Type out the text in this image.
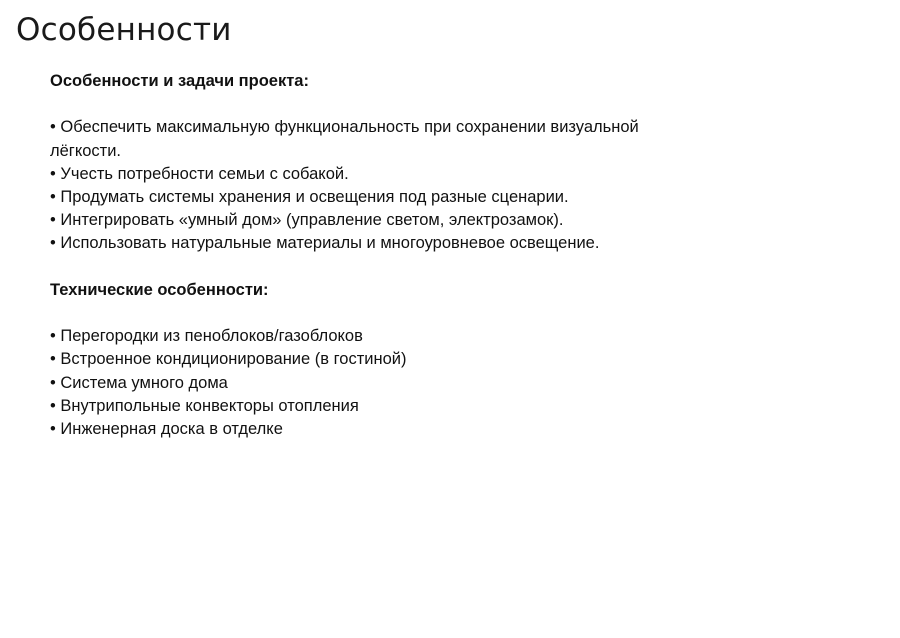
Особенности
Особенности и задачи проекта:
• Обеспечить максимальную функциональность при сохранении визуальной лёгкости.
• Учесть потребности семьи с собакой.
• Продумать системы хранения и освещения под разные сценарии.
• Интегрировать «умный дом» (управление светом, электрозамок).
• Использовать натуральные материалы и многоуровневое освещение.
Технические особенности:
• Перегородки из пеноблоков/газоблоков
• Встроенное кондиционирование (в гостиной)
• Система умного дома
• Внутрипольные конвекторы отопления
• Инженерная доска в отделке
